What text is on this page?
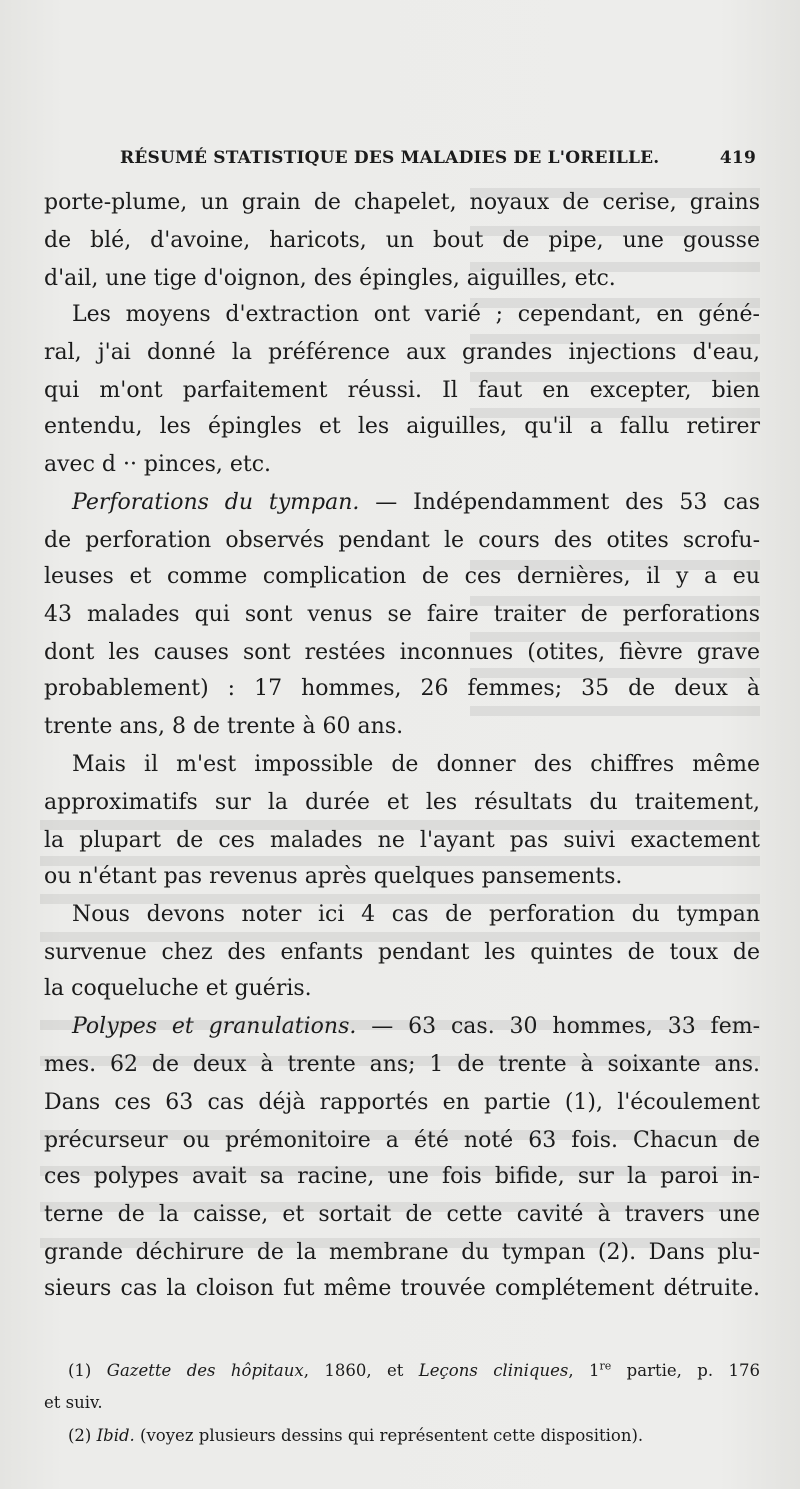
RÉSUMÉ STATISTIQUE DES MALADIES DE L'OREILLE.	419
porte-plume, un grain de chapelet, noyaux de cerise, grains
de blé, d'avoine, haricots, un bout de pipe, une gousse
d'ail, une tige d'oignon, des épingles, aiguilles, etc.
Les moyens d'extraction ont varié ; cependant, en géné-
ral, j'ai donné la préférence aux grandes injections d'eau,
qui m'ont parfaitement réussi. Il faut en excepter, bien
entendu, les épingles et les aiguilles, qu'il a fallu retirer
avec d ·· pinces, etc.
Perforations du tympan. — Indépendamment des 53 cas
de perforation observés pendant le cours des otites scrofu-
leuses et comme complication de ces dernières, il y a eu
43 malades qui sont venus se faire traiter de perforations
dont les causes sont restées inconnues (otites, fièvre grave
probablement) : 17 hommes, 26 femmes; 35 de deux à
trente ans, 8 de trente à 60 ans.
Mais il m'est impossible de donner des chiffres même
approximatifs sur la durée et les résultats du traitement,
la plupart de ces malades ne l'ayant pas suivi exactement
ou n'étant pas revenus après quelques pansements.
Nous devons noter ici 4 cas de perforation du tympan
survenue chez des enfants pendant les quintes de toux de
la coqueluche et guéris.
Polypes et granulations. — 63 cas. 30 hommes, 33 fem-
mes. 62 de deux à trente ans; 1 de trente à soixante ans.
Dans ces 63 cas déjà rapportés en partie (1), l'écoulement
précurseur ou prémonitoire a été noté 63 fois. Chacun de
ces polypes avait sa racine, une fois bifide, sur la paroi in-
terne de la caisse, et sortait de cette cavité à travers une
grande déchirure de la membrane du tympan (2). Dans plu-
sieurs cas la cloison fut même trouvée complétement détruite.
(1) Gazette des hôpitaux, 1860, et Leçons cliniques, 1re partie, p. 176
et suiv.
(2) Ibid. (voyez plusieurs dessins qui représentent cette disposition).
